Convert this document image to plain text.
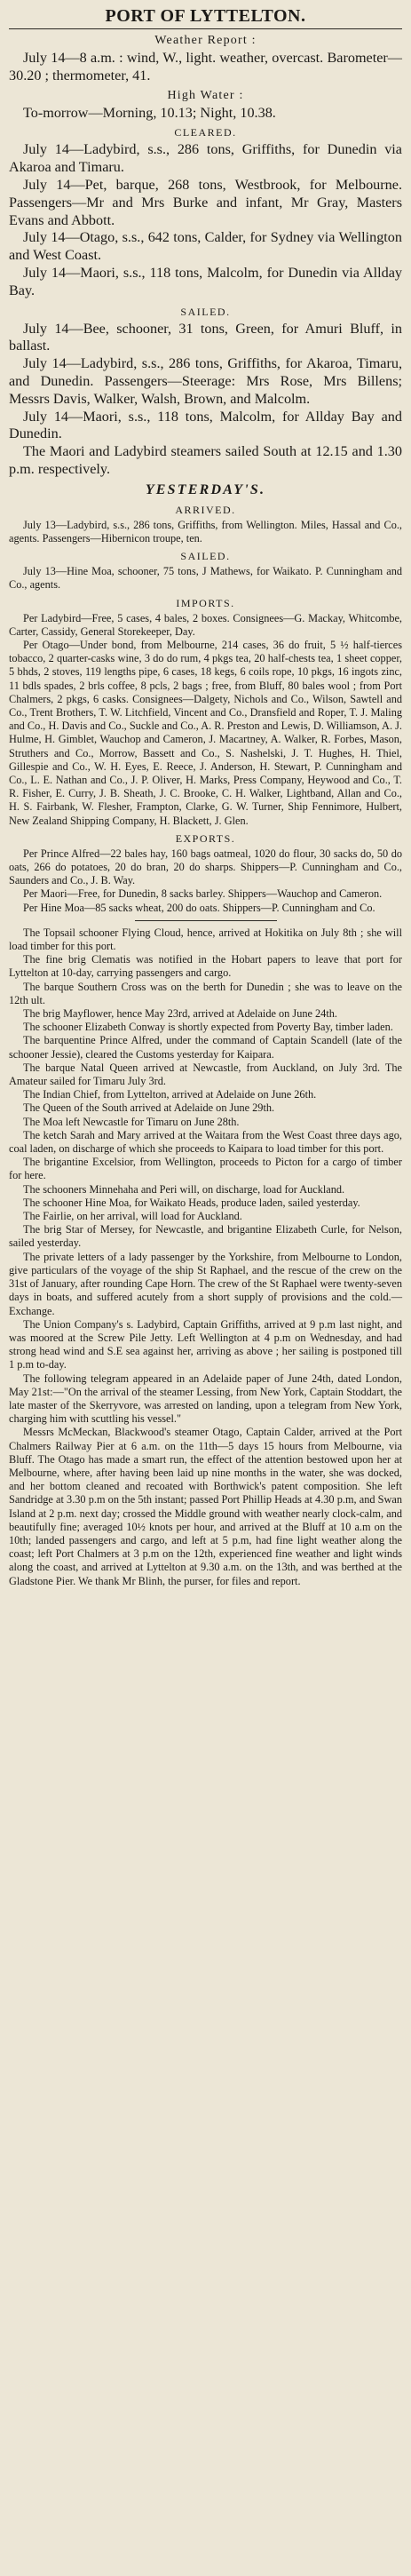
PORT OF LYTTELTON.
Weather Report :

July 14—8 a.m. : wind, W., light. weather, overcast. Barometer—30.20 ; thermometer, 41.

High Water :

To-morrow—Morning, 10.13; Night, 10.38.

CLEARED.

July 14—Ladybird, s.s., 286 tons, Griffiths, for Dunedin via Akaroa and Timaru.

July 14—Pet, barque, 268 tons, Westbrook, for Melbourne. Passengers—Mr and Mrs Burke and infant, Mr Gray, Masters Evans and Abbott.

July 14—Otago, s.s., 642 tons, Calder, for Sydney via Wellington and West Coast.

July 14—Maori, s.s., 118 tons, Malcolm, for Dunedin via Allday Bay.

SAILED.

July 14—Bee, schooner, 31 tons, Green, for Amuri Bluff, in ballast.

July 14—Ladybird, s.s., 286 tons, Griffiths, for Akaroa, Timaru, and Dunedin. Passengers—Steerage: Mrs Rose, Mrs Billens; Messrs Davis, Walker, Walsh, Brown, and Malcolm.

July 14—Maori, s.s., 118 tons, Malcolm, for Allday Bay and Dunedin.

The Maori and Ladybird steamers sailed South at 12.15 and 1.30 p.m. respectively.

YESTERDAY'S.
ARRIVED.

July 13—Ladybird, s.s., 286 tons, Griffiths, from Wellington. Miles, Hassal and Co., agents. Passengers—Hibernicon troupe, ten.

SAILED.

July 13—Hine Moa, schooner, 75 tons, J Mathews, for Waikato. P. Cunningham and Co., agents.

IMPORTS.

Per Ladybird—Free, 5 cases, 4 bales, 2 boxes. Consignees—G. Mackay, Whitcombe, Carter, Cassidy, General Storekeeper, Day.

Per Otago—Under bond, from Melbourne, 214 cases, 36 do fruit, 5 ½ half-tierces tobacco, 2 quarter-casks wine, 3 do do rum, 4 pkgs tea, 20 half-chests tea, 1 sheet copper, 5 bhds, 2 stoves, 119 lengths pipe, 6 cases, 18 kegs, 6 coils rope, 10 pkgs, 16 ingots zinc, 11 bdls spades, 2 brls coffee, 8 pcls, 2 bags ; free, from Bluff, 80 bales wool ; from Port Chalmers, 2 pkgs, 6 casks. Consignees—Dalgety, Nichols and Co., Wilson, Sawtell and Co., Trent Brothers, T. W. Litchfield, Vincent and Co., Dransfield and Roper, T. J. Maling and Co., H. Davis and Co., Suckle and Co., A. R. Preston and Lewis, D. Williamson, A. J. Hulme, H. Gimblet, Wauchop and Cameron, J. Macartney, A. Walker, R. Forbes, Mason, Struthers and Co., Morrow, Bassett and Co., S. Nashelski, J. T. Hughes, H. Thiel, Gillespie and Co., W. H. Eyes, E. Reece, J. Anderson, H. Stewart, P. Cunningham and Co., L. E. Nathan and Co., J. P. Oliver, H. Marks, Press Company, Heywood and Co., T. R. Fisher, E. Curry, J. B. Sheath, J. C. Brooke, C. H. Walker, Lightband, Allan and Co., H. S. Fairbank, W. Flesher, Frampton, Clarke, G. W. Turner, Ship Fennimore, Hulbert, New Zealand Shipping Company, H. Blackett, J. Glen.

EXPORTS.

Per Prince Alfred—22 bales hay, 160 bags oatmeal, 1020 do flour, 30 sacks do, 50 do oats, 266 do potatoes, 20 do bran, 20 do sharps. Shippers—P. Cunningham and Co., Saunders and Co., J. B. Way.

Per Maori—Free, for Dunedin, 8 sacks barley. Shippers—Wauchop and Cameron.

Per Hine Moa—85 sacks wheat, 200 do oats. Shippers—P. Cunningham and Co.

The Topsail schooner Flying Cloud, hence, arrived at Hokitika on July 8th ; she will load timber for this port.

The fine brig Clematis was notified in the Hobart papers to leave that port for Lyttelton at 10-day, carrying passengers and cargo.

The barque Southern Cross was on the berth for Dunedin ; she was to leave on the 12th ult.

The brig Mayflower, hence May 23rd, arrived at Adelaide on June 24th.

The schooner Elizabeth Conway is shortly expected from Poverty Bay, timber laden.

The barquentine Prince Alfred, under the command of Captain Scandell (late of the schooner Jessie), cleared the Customs yesterday for Kaipara.

The barque Natal Queen arrived at Newcastle, from Auckland, on July 3rd. The Amateur sailed for Timaru July 3rd.

The Indian Chief, from Lyttelton, arrived at Adelaide on June 26th.

The Queen of the South arrived at Adelaide on June 29th.

The Moa left Newcastle for Timaru on June 28th.

The ketch Sarah and Mary arrived at the Waitara from the West Coast three days ago, coal laden, on discharge of which she proceeds to Kaipara to load timber for this port.

The brigantine Excelsior, from Wellington, proceeds to Picton for a cargo of timber for here.

The schooners Minnehaha and Peri will, on discharge, load for Auckland.

The schooner Hine Moa, for Waikato Heads, produce laden, sailed yesterday.

The Fairlie, on her arrival, will load for Auckland.

The brig Star of Mersey, for Newcastle, and brigantine Elizabeth Curle, for Nelson, sailed yesterday.

The private letters of a lady passenger by the Yorkshire, from Melbourne to London, give particulars of the voyage of the ship St Raphael, and the rescue of the crew on the 31st of January, after rounding Cape Horn. The crew of the St Raphael were twenty-seven days in boats, and suffered acutely from a short supply of provisions and the cold.—Exchange.

The Union Company's s. Ladybird, Captain Griffiths, arrived at 9 p.m last night, and was moored at the Screw Pile Jetty. Left Wellington at 4 p.m on Wednesday, and had strong head wind and S.E sea against her, arriving as above ; her sailing is postponed till 1 p.m to-day.

The following telegram appeared in an Adelaide paper of June 24th, dated London, May 21st:—"On the arrival of the steamer Lessing, from New York, Captain Stoddart, the late master of the Skerryvore, was arrested on landing, upon a telegram from New York, charging him with scuttling his vessel."

Messrs McMeckan, Blackwood's steamer Otago, Captain Calder, arrived at the Port Chalmers Railway Pier at 6 a.m. on the 11th—5 days 15 hours from Melbourne, via Bluff. The Otago has made a smart run, the effect of the attention bestowed upon her at Melbourne, where, after having been laid up nine months in the water, she was docked, and her bottom cleaned and recoated with Borthwick's patent composition. She left Sandridge at 3.30 p.m on the 5th instant; passed Port Phillip Heads at 4.30 p.m, and Swan Island at 2 p.m. next day; crossed the Middle ground with weather nearly clock-calm, and beautifully fine; averaged 10½ knots per hour, and arrived at the Bluff at 10 a.m on the 10th; landed passengers and cargo, and left at 5 p.m, had fine light weather along the coast; left Port Chalmers at 3 p.m on the 12th, experienced fine weather and light winds along the coast, and arrived at Lyttelton at 9.30 a.m. on the 13th, and was berthed at the Gladstone Pier. We thank Mr Blinh, the purser, for files and report.
